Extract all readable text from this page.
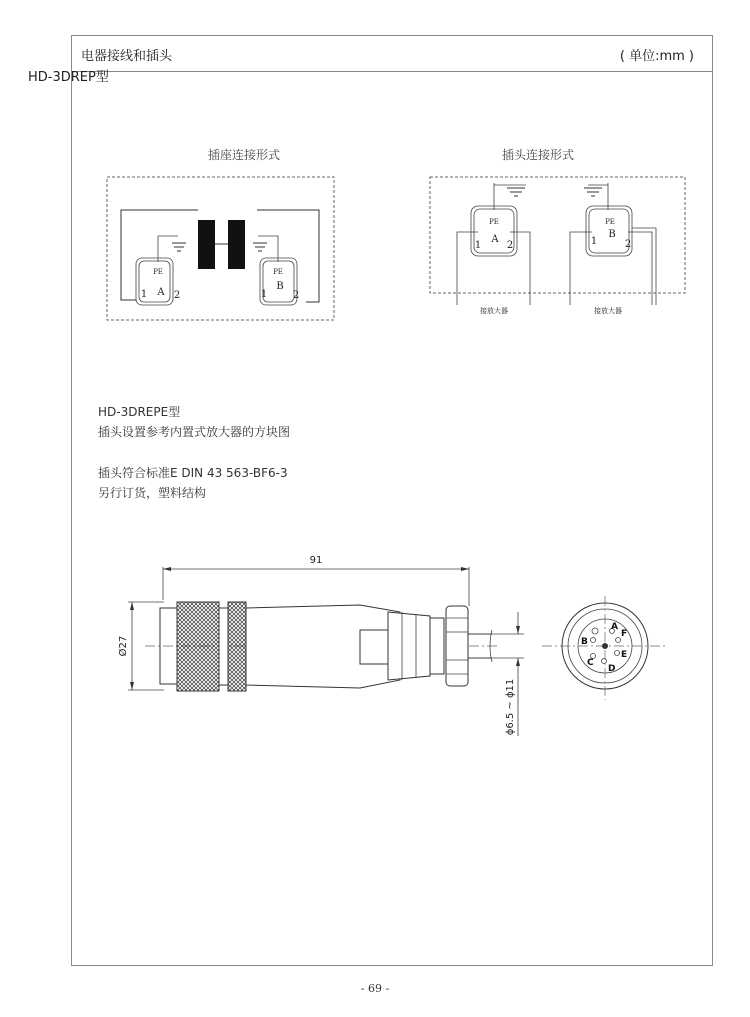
电器接线和插头	( 单位:mm )
HD-3DREP型
插座连接形式	插头连接形式
PE
A
1	2
PE
B
1	2
PE
A
1	2
接放大器
PE
B
1	2
接放大器
HD-3DREPE型
插头设置参考内置式放大器的方块图
插头符合标准E DIN 43 563-BF6-3
另行订货，塑料结构
91
Ø27
ϕ6.5 ~ ϕ11
A
B
C
D
E
F
- 69 -
